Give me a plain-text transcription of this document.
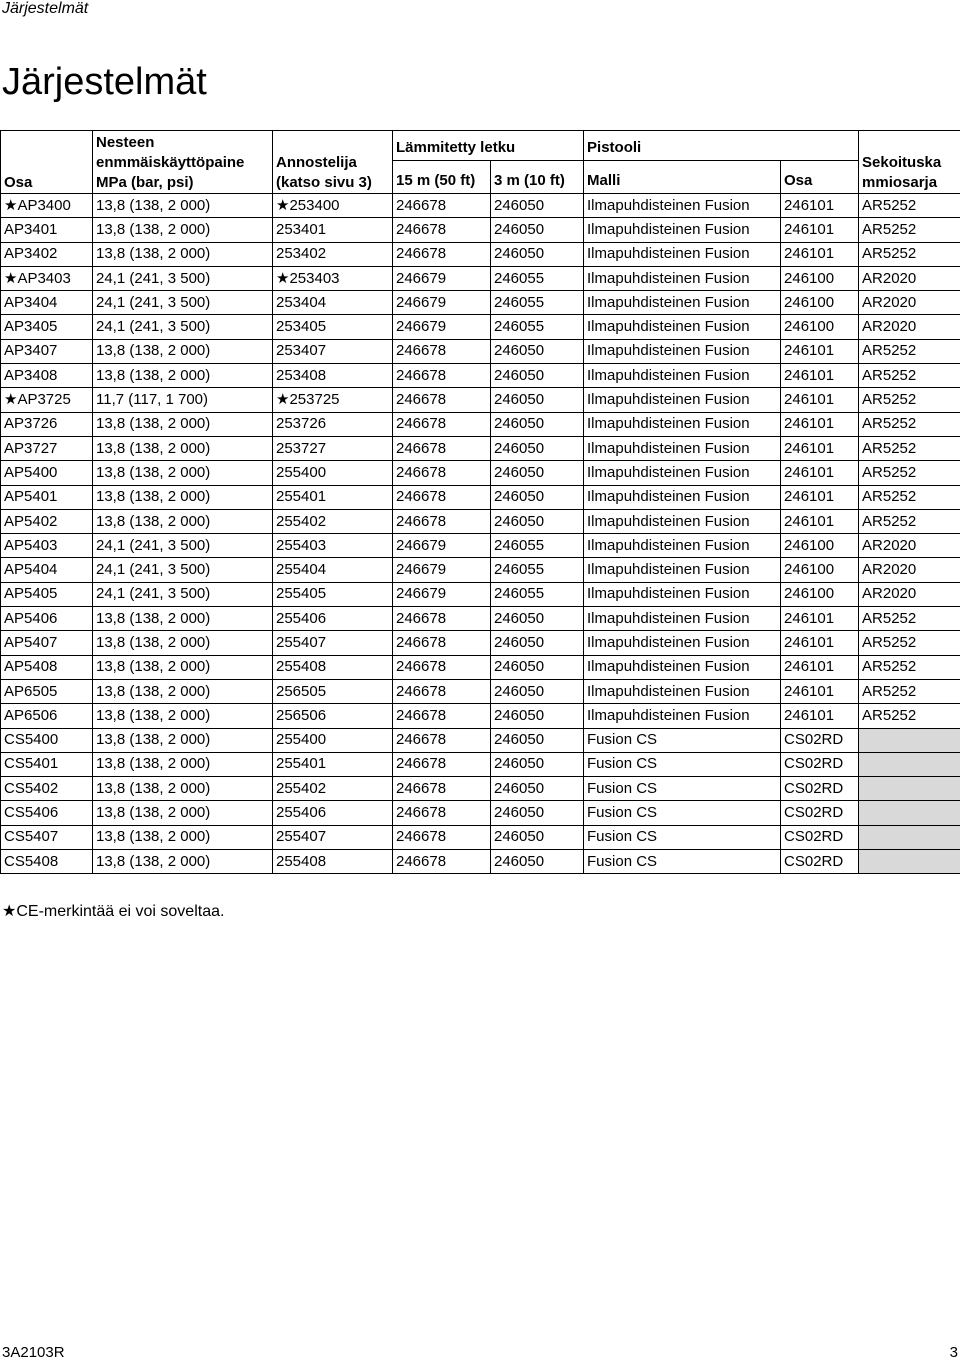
Järjestelmät
Järjestelmät
Osa	Nesteen enmmäiskäyttöpaine MPa (bar, psi)	Annostelija (katso sivu 3)	Lämmitetty letku		Pistooli		Sekoituska mmiosarja
			15 m (50 ft)	3 m (10 ft)	Malli	Osa	
★AP3400	13,8 (138, 2 000)	★253400	246678	246050	Ilmapuhdisteinen Fusion	246101	AR5252
AP3401	13,8 (138, 2 000)	253401	246678	246050	Ilmapuhdisteinen Fusion	246101	AR5252
AP3402	13,8 (138, 2 000)	253402	246678	246050	Ilmapuhdisteinen Fusion	246101	AR5252
★AP3403	24,1 (241, 3 500)	★253403	246679	246055	Ilmapuhdisteinen Fusion	246100	AR2020
AP3404	24,1 (241, 3 500)	253404	246679	246055	Ilmapuhdisteinen Fusion	246100	AR2020
AP3405	24,1 (241, 3 500)	253405	246679	246055	Ilmapuhdisteinen Fusion	246100	AR2020
AP3407	13,8 (138, 2 000)	253407	246678	246050	Ilmapuhdisteinen Fusion	246101	AR5252
AP3408	13,8 (138, 2 000)	253408	246678	246050	Ilmapuhdisteinen Fusion	246101	AR5252
★AP3725	11,7 (117, 1 700)	★253725	246678	246050	Ilmapuhdisteinen Fusion	246101	AR5252
AP3726	13,8 (138, 2 000)	253726	246678	246050	Ilmapuhdisteinen Fusion	246101	AR5252
AP3727	13,8 (138, 2 000)	253727	246678	246050	Ilmapuhdisteinen Fusion	246101	AR5252
AP5400	13,8 (138, 2 000)	255400	246678	246050	Ilmapuhdisteinen Fusion	246101	AR5252
AP5401	13,8 (138, 2 000)	255401	246678	246050	Ilmapuhdisteinen Fusion	246101	AR5252
AP5402	13,8 (138, 2 000)	255402	246678	246050	Ilmapuhdisteinen Fusion	246101	AR5252
AP5403	24,1 (241, 3 500)	255403	246679	246055	Ilmapuhdisteinen Fusion	246100	AR2020
AP5404	24,1 (241, 3 500)	255404	246679	246055	Ilmapuhdisteinen Fusion	246100	AR2020
AP5405	24,1 (241, 3 500)	255405	246679	246055	Ilmapuhdisteinen Fusion	246100	AR2020
AP5406	13,8 (138, 2 000)	255406	246678	246050	Ilmapuhdisteinen Fusion	246101	AR5252
AP5407	13,8 (138, 2 000)	255407	246678	246050	Ilmapuhdisteinen Fusion	246101	AR5252
AP5408	13,8 (138, 2 000)	255408	246678	246050	Ilmapuhdisteinen Fusion	246101	AR5252
AP6505	13,8 (138, 2 000)	256505	246678	246050	Ilmapuhdisteinen Fusion	246101	AR5252
AP6506	13,8 (138, 2 000)	256506	246678	246050	Ilmapuhdisteinen Fusion	246101	AR5252
CS5400	13,8 (138, 2 000)	255400	246678	246050	Fusion CS	CS02RD	
CS5401	13,8 (138, 2 000)	255401	246678	246050	Fusion CS	CS02RD	
CS5402	13,8 (138, 2 000)	255402	246678	246050	Fusion CS	CS02RD	
CS5406	13,8 (138, 2 000)	255406	246678	246050	Fusion CS	CS02RD	
CS5407	13,8 (138, 2 000)	255407	246678	246050	Fusion CS	CS02RD	
CS5408	13,8 (138, 2 000)	255408	246678	246050	Fusion CS	CS02RD	
★CE-merkintää ei voi soveltaa.
3A2103R	3
